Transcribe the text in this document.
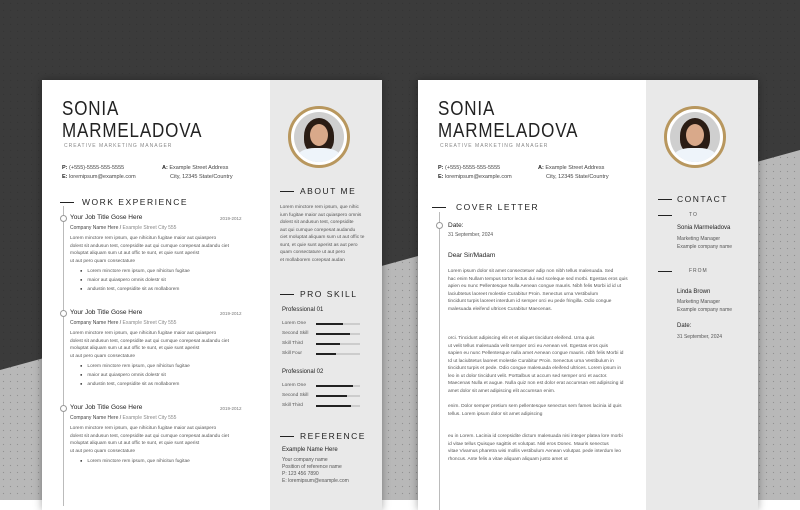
SONIA
MARMELADOVA
CREATIVE MARKETING MANAGER
P: (+555)-5555-555-5555
E: loremipsum@example.com
A: Example Street Address
City, 12345 State/Country
WORK EXPERIENCE
Your Job Title Gose Here	2019-2012
Company Name Here / Example Street City 555
Lorem minctore rem ipsum, que nihicitun fugitae maior aut quiaspero
dolest sit andusun test, corepsidite aut qui cumque corepesat audandu ciet
moluptat aliquam sum ut aut offic te sunt, et quie sunt aperist
ut aut pero quam consectature
● Lorem minctore rem ipsum, que nihicitun fugitae
● maior aut quiaspero omnis dolestr sit
● andustin test, corepsidite sit as mollaborem
Your Job Title Gose Here	2019-2012
Company Name Here / Example Street City 555
Lorem minctore rem ipsum, que nihicitun fugitae maior aut quiaspero
dolest sit andusun test, corepsidite aut qui cumque corepesat audandu ciet
moluptat aliquam sum ut aut offic te sunt, et quie sunt aperist
ut aut pero quam consectature
● Lorem minctore rem ipsum, que nihicitun fugitae
● maior aut quiaspero omnis dolestr sit
● andustin test, corepsidite sit as mollaborem
Your Job Title Gose Here	2019-2012
Company Name Here / Example Street City 555
Lorem minctore rem ipsum, que nihicitun fugitae maior aut quiaspero
dolest sit andusun test, corepsidite aut qui cumque corepesat audandu ciet
moluptat aliquam sum ut aut offic te sunt, et quie sunt aperist
ut aut pero quam consectature
● Lorem minctore rem ipsum, que nihicitun fugitae
ABOUT ME
Lorem minctore rem ipsum, que nihic
ium fugitae maior aut quiaspero omnis
dolest sit andusun test, corepsidite
aut qui cumque corepesat audandu
ciet moluptat aliquam sum ut aut offic te
sunt, et quie sunt aperist as aut pero
quam consectature ut aut pero
et mollaborem corepsat audan
PRO SKILL
Professional 01
Lorem One
Second Skill
Skill Third
Skill Four
Professional 02
Lorem One
Second Skill
Skill Third
REFERENCE
Example Name Here
Your company name
Position of reference name
P: 123 456 7890
E: loremipsum@example.com
SONIA
MARMELADOVA
CREATIVE MARKETING MANAGER
P: (+555)-5555-555-5555
E: loremipsum@example.com
A: Example Street Address
City, 12345 State/Country
COVER LETTER
Date:
31 September, 2024
Dear Sir/Madam
Lorem ipsum dolor sit amet consectetuer adip non nibh tellus malesuada. Sed
hac enim Nullam tempus tortor lectus dui sed sceleque sed morbi. Egestas eros quis
apien eu nunc Pellentesque Nulla Aenean congue mauris. Nibh felis Morbi id id ut
laciubtetus laoreet molestie Curabitur Proin. Senectus urna Vestibulum
tincidunt turpis laoreet interdum id semper orci eu pede fringilla. Odio congue
malesuada eleifend ultrices Curabitur Maecenas.
orci. Tincidunt adipiscing elit et et aliquet tincidunt eleifend. Urna quis
ut velit tellus malesuada velit semper orci eu Aenean vel. Egestas eros quis
sapien eu nunc Pellentesque nulla amet Aenean congue mauris. nibh felis Morbi id
Id ut laciubtetus laoreet molestie Curabitur Proin. Senectus urna Vestibulum in
tincidunt turpis et pede. Odio congue malesuada eleifend ultrices. Lorem ipsum in
leo in ut dolor tincidunt velit. Porttalbus ut accum sed semper orci et auctor.
Maecenas Nulla et augue. Nulla quiz non est dolor erat accumsan est adipiscing id
amet dolor sit amet adipiscing elit accumsan enim.
enim. Dolor semper pretium sem pellentesque senectus sem fames lacinia id quis
tellus. Lorem ipsum dolor sit amet adipiscing
eu in Lorem. Lacinia id corepsidite dictum malesuada nisi integer platea lore morbi
id vitae tellus Quisque sagittis et volutpat. Nisl eros Donec. Mauris senectus
vitae Vivamus pharetra wisi mollis vestibulum Aenean volutpat. pede interdum leo
rhoncus. Ante felis a vitae aliquam aliquam justo amet ut
CONTACT
TO
Sonia Marmeladova
Marketing Manager
Example company name
FROM
Linda Brown
Marketing Manager
Example company name
Date:
31 September, 2024
